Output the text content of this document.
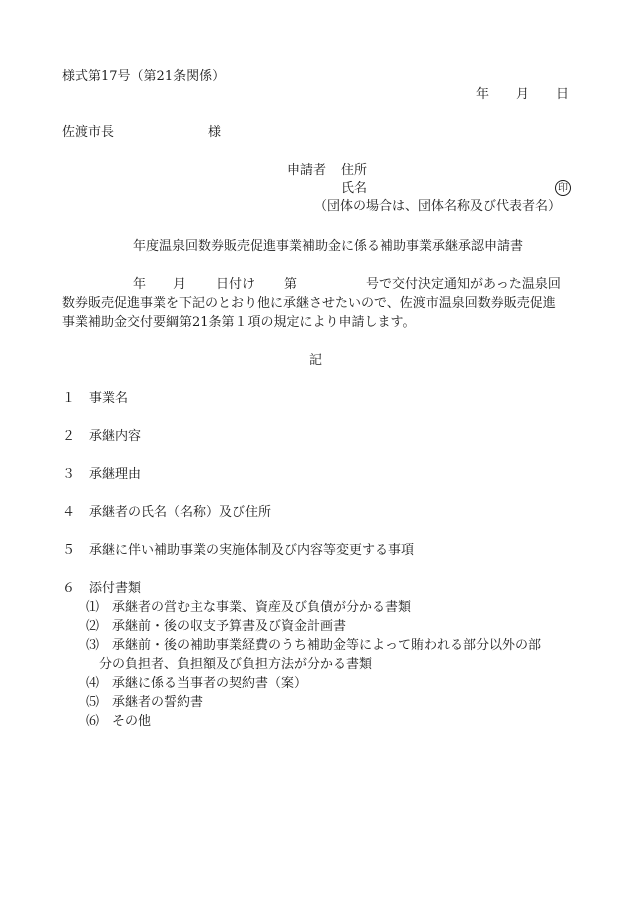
様式第17号（第21条関係）
年 月 日
佐渡市長	様
申請者 住所
氏名	印
（団体の場合は、団体名称及び代表者名）
年度温泉回数券販売促進事業補助金に係る補助事業承継承認申請書
年 月 日付け 第	号で交付決定通知があった温泉回
数券販売促進事業を下記のとおり他に承継させたいので、佐渡市温泉回数券販売促進
事業補助金交付要綱第21条第１項の規定により申請します。
記
１ 事業名
２ 承継内容
３ 承継理由
４ 承継者の氏名（名称）及び住所
５ 承継に伴い補助事業の実施体制及び内容等変更する事項
６ 添付書類
⑴ 承継者の営む主な事業、資産及び負債が分かる書類
⑵ 承継前・後の収支予算書及び資金計画書
⑶ 承継前・後の補助事業経費のうち補助金等によって賄われる部分以外の部
分の負担者、負担額及び負担方法が分かる書類
⑷ 承継に係る当事者の契約書（案）
⑸ 承継者の誓約書
⑹ その他
